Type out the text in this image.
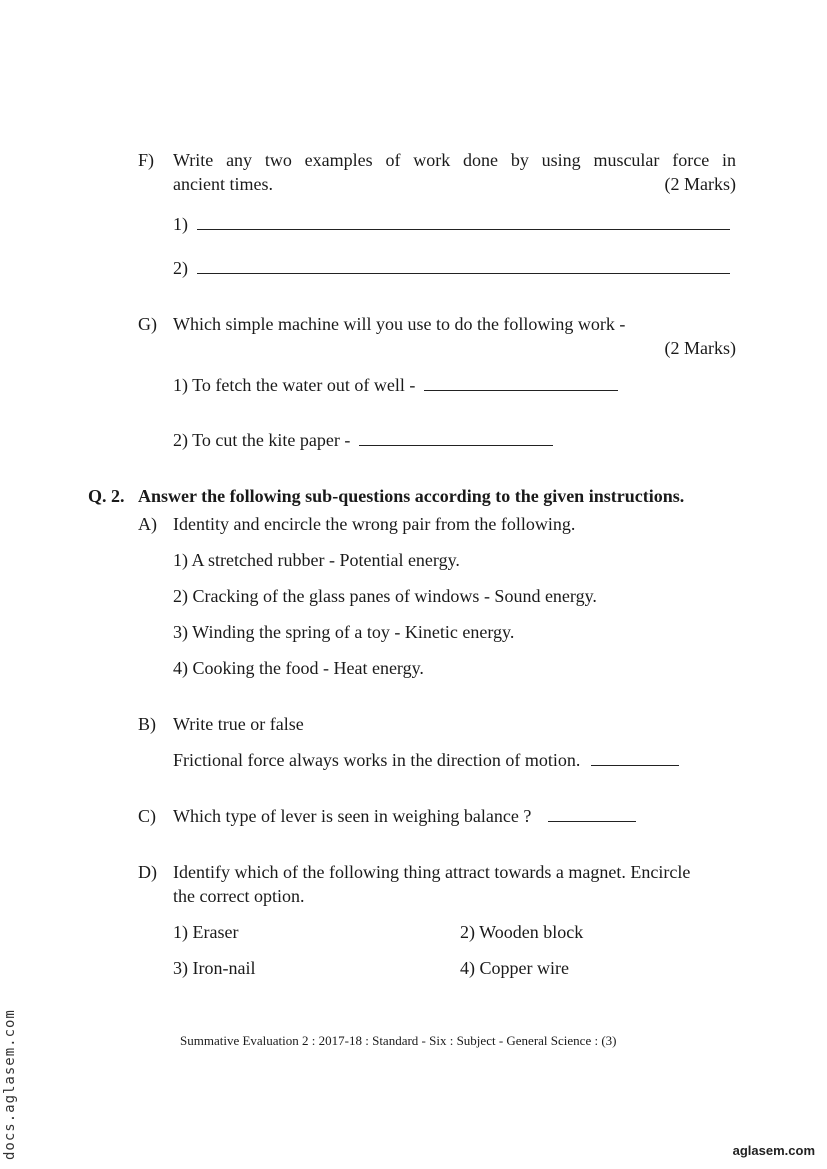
F) Write any two examples of work done by using muscular force in
ancient times.	(2 Marks)
1)
2)
G) Which simple machine will you use to do the following work -
(2 Marks)
1) To fetch the water out of well -
2) To cut the kite paper -
Q. 2. Answer the following sub-questions according to the given instructions.
A) Identity and encircle the wrong pair from the following.
1) A stretched rubber - Potential energy.
2) Cracking of the glass panes of windows - Sound energy.
3) Winding the spring of a toy - Kinetic energy.
4) Cooking the food - Heat energy.
B) Write true or false
Frictional force always works in the direction of motion.
C) Which type of lever is seen in weighing balance ?
D) Identify which of the following thing attract towards a magnet. Encircle
the correct option.
1) Eraser	2) Wooden block
3) Iron-nail	4) Copper wire
Summative Evaluation 2 : 2017-18 : Standard - Six : Subject - General Science : (3)
docs.aglasem.com	aglasem.com
